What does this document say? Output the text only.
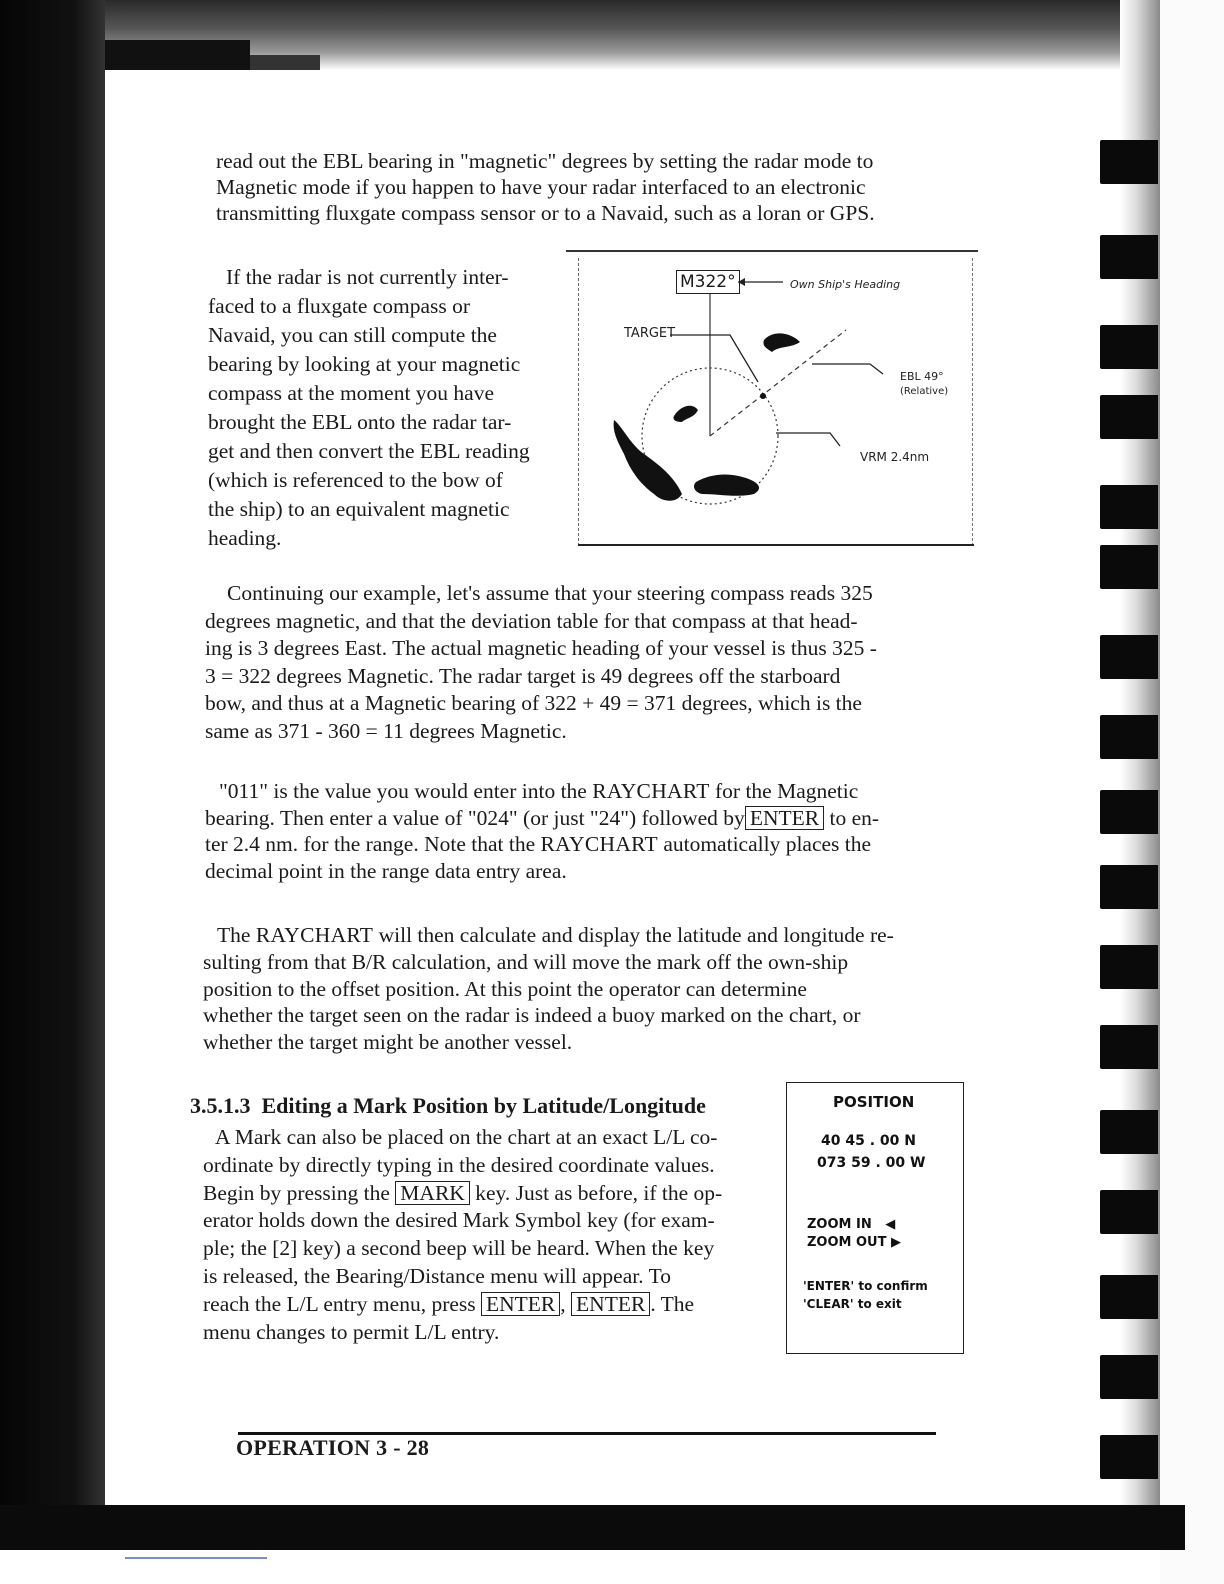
read out the EBL bearing in "magnetic" degrees by setting the radar mode to
Magnetic mode if you happen to have your radar interfaced to an electronic
transmitting fluxgate compass sensor or to a Navaid, such as a loran or GPS.
If the radar is not currently inter-
faced to a fluxgate compass or
Navaid, you can still compute the
bearing by looking at your magnetic
compass at the moment you have
brought the EBL onto the radar tar-
get and then convert the EBL reading
(which is referenced to the bow of
the ship) to an equivalent magnetic
heading.
M322°	Own Ship's Heading
TARGET
EBL 49°
(Relative)
VRM 2.4nm
Continuing our example, let's assume that your steering compass reads 325
degrees magnetic, and that the deviation table for that compass at that head-
ing is 3 degrees East. The actual magnetic heading of your vessel is thus 325 -
3 = 322 degrees Magnetic. The radar target is 49 degrees off the starboard
bow, and thus at a Magnetic bearing of 322 + 49 = 371 degrees, which is the
same as 371 - 360 = 11 degrees Magnetic.
"011" is the value you would enter into the RAYCHART for the Magnetic
bearing. Then enter a value of "024" (or just "24") followed by ENTER to en-
ter 2.4 nm. for the range. Note that the RAYCHART automatically places the
decimal point in the range data entry area.
The RAYCHART will then calculate and display the latitude and longitude re-
sulting from that B/R calculation, and will move the mark off the own-ship
position to the offset position. At this point the operator can determine
whether the target seen on the radar is indeed a buoy marked on the chart, or
whether the target might be another vessel.
3.5.1.3 Editing a Mark Position by Latitude/Longitude
A Mark can also be placed on the chart at an exact L/L co-
ordinate by directly typing in the desired coordinate values.
Begin by pressing the MARK key. Just as before, if the op-
erator holds down the desired Mark Symbol key (for exam-
ple; the [2] key) a second beep will be heard. When the key
is released, the Bearing/Distance menu will appear. To
reach the L/L entry menu, press ENTER , ENTER . The
menu changes to permit L/L entry.
POSITION
40 45 . 00 N
073 59 . 00 W
ZOOM IN ◀
ZOOM OUT ▶
'ENTER' to confirm
'CLEAR' to exit
OPERATION 3 - 28
